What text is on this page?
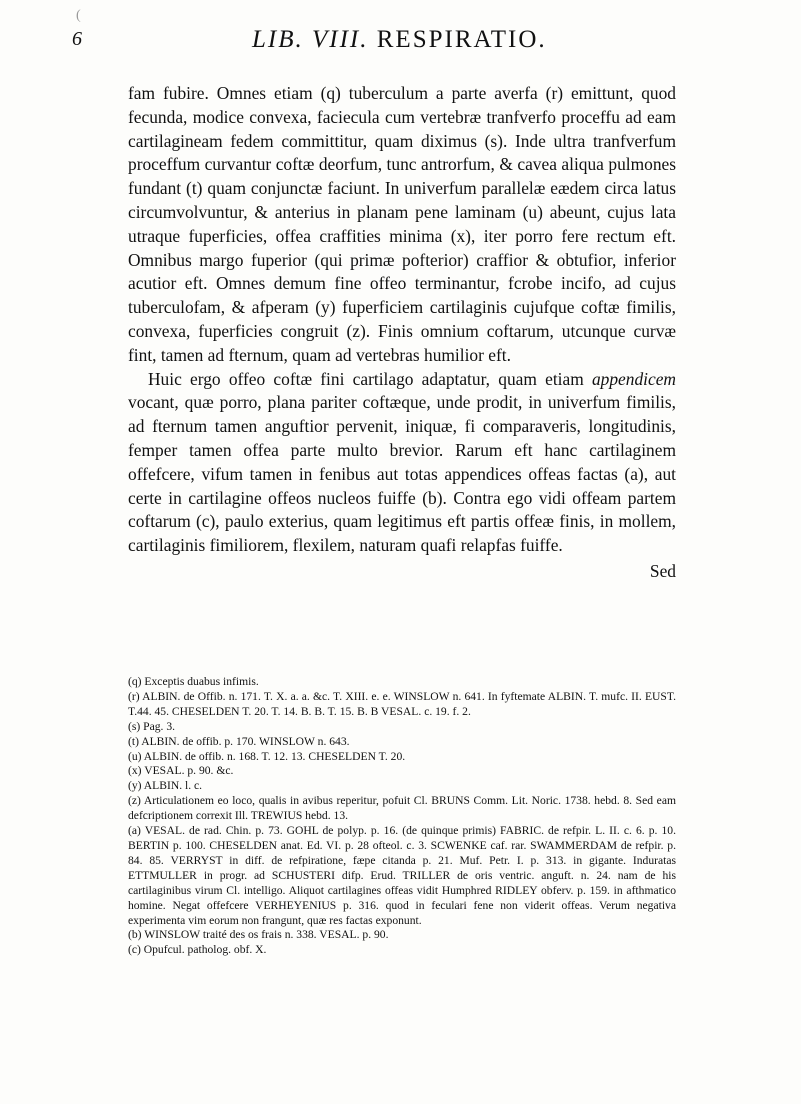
6	LIB. VIII. RESPIRATIO.

fam fubire. Omnes etiam (q) tuberculum a parte averfa (r) emittunt, quod fecunda, modice convexa, faciecula cum vertebræ tranfverfo proceffu ad eam cartilagineam fedem committitur, quam diximus (s). Inde ultra tranfverfum proceffum curvantur coftæ deorfum, tunc antrorfum, & cavea aliqua pulmones fundant (t) quam conjunctæ faciunt. In univerfum parallelæ eædem circa latus circumvolvuntur, & anterius in planam pene laminam (u) abeunt, cujus lata utraque fuperficies, offea craffities minima (x), iter porro fere rectum eft. Omnibus margo fuperior (qui primæ pofterior) craffior & obtufior, inferior acutior eft. Omnes demum fine offeo terminantur, fcrobe incifo, ad cujus tuberculofam, & afperam (y) fuperficiem cartilaginis cujufque coftæ fimilis, convexa, fuperficies congruit (z). Finis omnium coftarum, utcunque curvæ fint, tamen ad fternum, quam ad vertebras humilior eft.

Huic ergo offeo coftæ fini cartilago adaptatur, quam etiam appendicem vocant, quæ porro, plana pariter coftæque, unde prodit, in univerfum fimilis, ad fternum tamen anguftior pervenit, iniquæ, fi comparaveris, longitudinis, femper tamen offea parte multo brevior. Rarum eft hanc cartilaginem offefcere, vifum tamen in fenibus aut totas appendices offeas factas (a), aut certe in cartilagine offeos nucleos fuiffe (b). Contra ego vidi offeam partem coftarum (c), paulo exterius, quam legitimus eft partis offeæ finis, in mollem, cartilaginis fimiliorem, flexilem, naturam quafi relapfas fuiffe.

Sed

(q) Exceptis duabus infimis.
(r) ALBIN. de Offib. n. 171. T. X. a. a. &c. T. XIII. e. e. WINSLOW n. 641. In fyftemate ALBIN. T. mufc. II. EUST. T.44. 45. CHESELDEN T. 20. T. 14. B. B. T. 15. B. B VESAL. c. 19. f. 2.
(s) Pag. 3.
(t) ALBIN. de offib. p. 170. WINSLOW n. 643.
(u) ALBIN. de offib. n. 168. T. 12. 13. CHESELDEN T. 20.
(x) VESAL. p. 90. &c.
(y) ALBIN. l. c.
(z) Articulationem eo loco, qualis in avibus reperitur, pofuit Cl. BRUNS Comm. Lit. Noric. 1738. hebd. 8. Sed eam defcriptionem correxit Ill. TREWIUS hebd. 13.
(a) VESAL. de rad. Chin. p. 73. GOHL de polyp. p. 16. (de quinque primis) FABRIC. de refpir. L. II. c. 6. p. 10. BERTIN p. 100. CHESELDEN anat. Ed. VI. p. 28 ofteol. c. 3. SCWENKE caf. rar. SWAMMERDAM de refpir. p. 84. 85. VERRYST in diff. de refpiratione, fæpe citanda p. 21. Muf. Petr. I. p. 313. in gigante. Induratas ETTMULLER in progr. ad SCHUSTERI difp. Erud. TRILLER de oris ventric. anguft. n. 24. nam de his cartilaginibus virum Cl. intelligo. Aliquot cartilagines offeas vidit Humphred RIDLEY obferv. p. 159. in afthmatico homine. Negat offefcere VERHEYENIUS p. 316. quod in feculari fene non viderit offeas. Verum negativa experimenta vim eorum non frangunt, quæ res factas exponunt.
(b) WINSLOW traité des os frais n. 338. VESAL. p. 90.
(c) Opufcul. patholog. obf. X.
(
